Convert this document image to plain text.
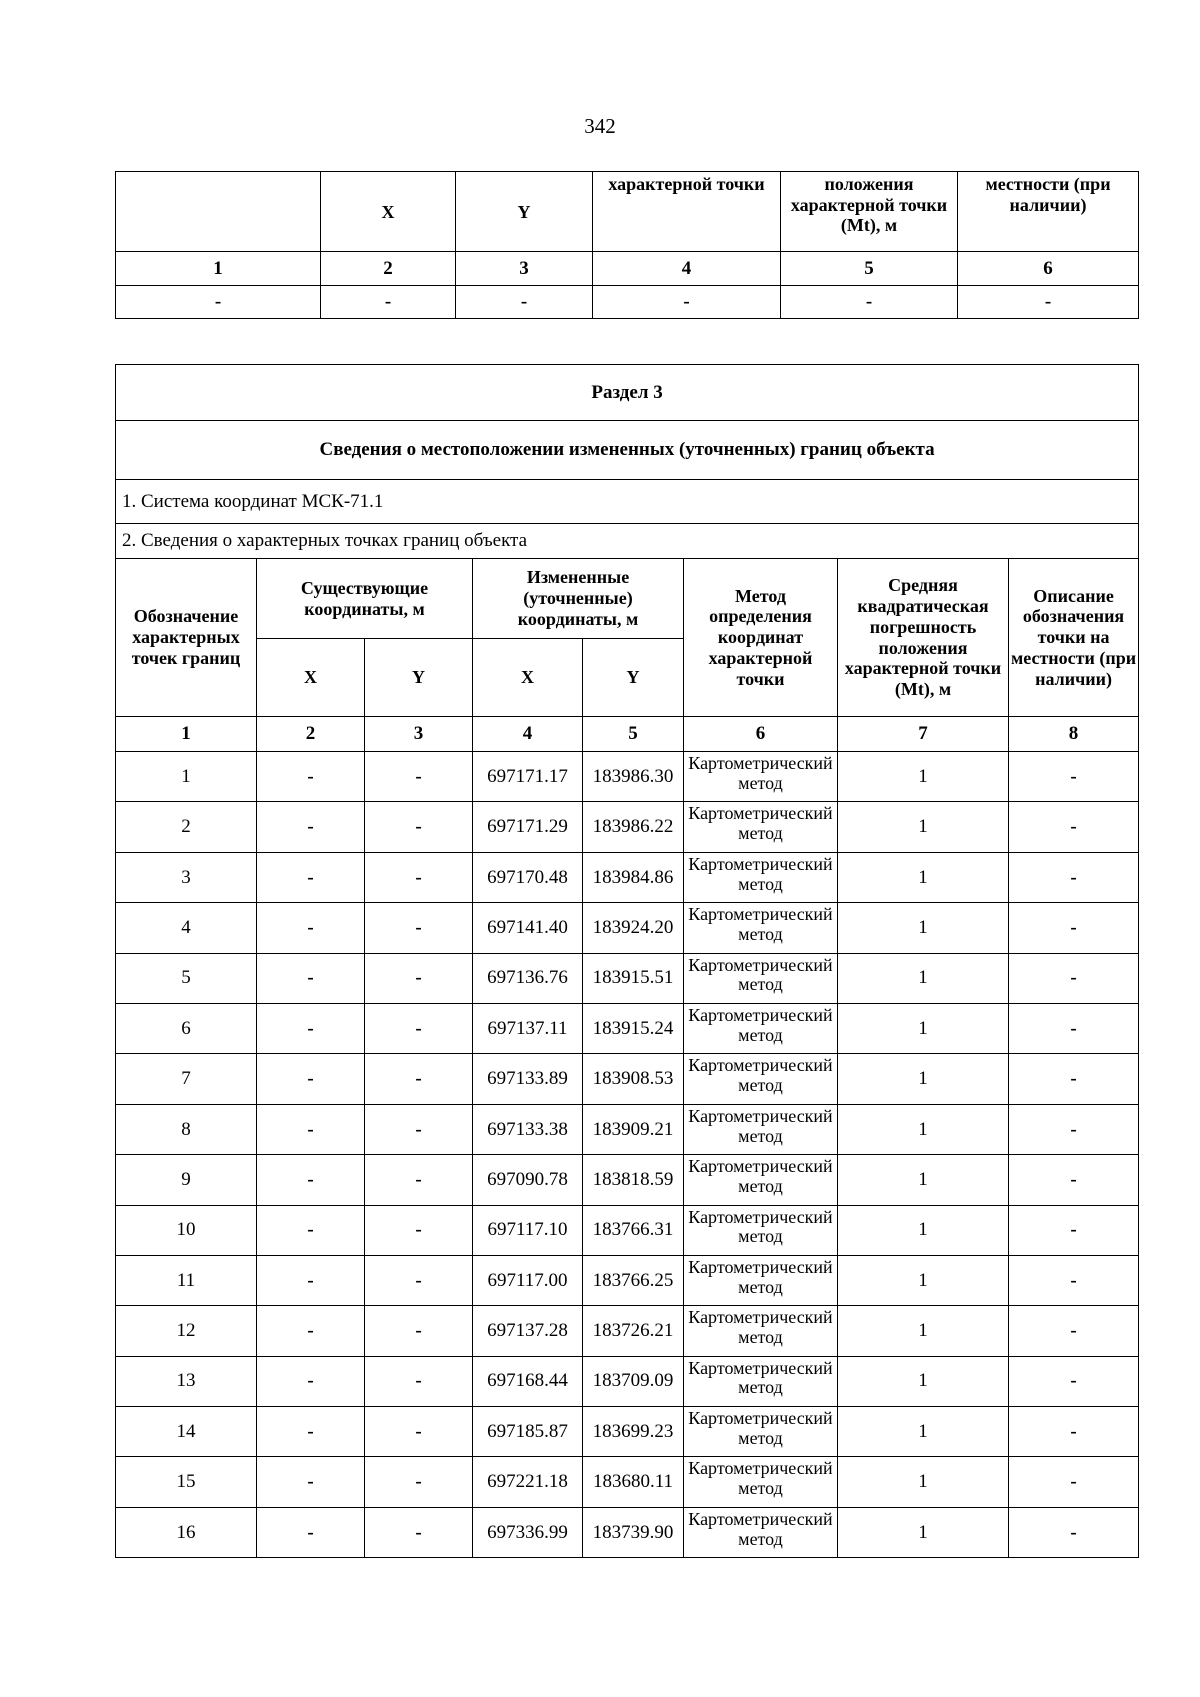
342
	X	Y	характерной точки	положения характерной точки (Mt), м	местности (при наличии)
1	2	3	4	5	6
-	-	-	-	-	-
Раздел 3							
Сведения о местоположении измененных (уточненных) границ объекта							
1. Система координат МСК-71.1							
2. Сведения о характерных точках границ объекта							
Обозначение характерных точек границ	Существующие координаты, м		Измененные (уточненные) координаты, м		Метод определения координат характерной точки	Средняя квадратическая погрешность положения характерной точки (Mt), м	Описание обозначения точки на местности (при наличии)
	X	Y	X	Y			
1	2	3	4	5	6	7	8
1	-	-	697171.17	183986.30	Картометрический метод	1	-
2	-	-	697171.29	183986.22	Картометрический метод	1	-
3	-	-	697170.48	183984.86	Картометрический метод	1	-
4	-	-	697141.40	183924.20	Картометрический метод	1	-
5	-	-	697136.76	183915.51	Картометрический метод	1	-
6	-	-	697137.11	183915.24	Картометрический метод	1	-
7	-	-	697133.89	183908.53	Картометрический метод	1	-
8	-	-	697133.38	183909.21	Картометрический метод	1	-
9	-	-	697090.78	183818.59	Картометрический метод	1	-
10	-	-	697117.10	183766.31	Картометрический метод	1	-
11	-	-	697117.00	183766.25	Картометрический метод	1	-
12	-	-	697137.28	183726.21	Картометрический метод	1	-
13	-	-	697168.44	183709.09	Картометрический метод	1	-
14	-	-	697185.87	183699.23	Картометрический метод	1	-
15	-	-	697221.18	183680.11	Картометрический метод	1	-
16	-	-	697336.99	183739.90	Картометрический метод	1	-
